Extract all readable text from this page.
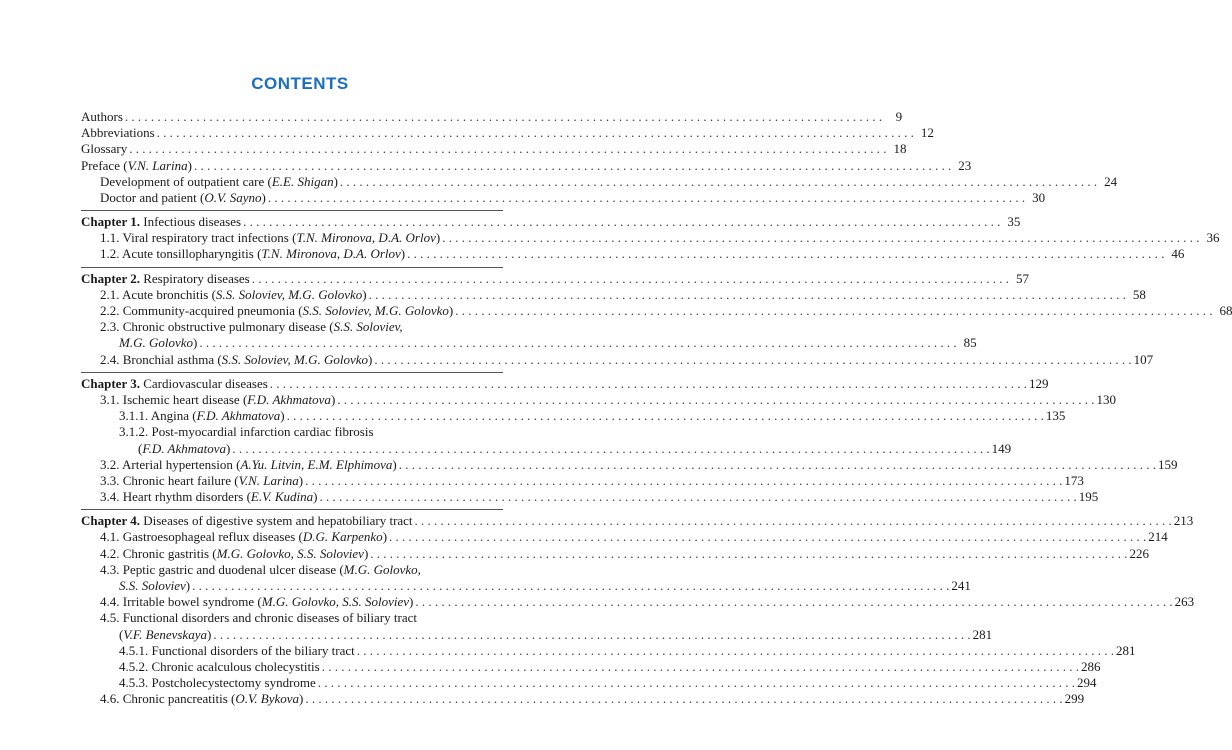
CONTENTS
Authors . . .	9
Abbreviations . . .	12
Glossary . . .	18
Preface (V.N. Larina) . . .	23
Development of outpatient care (E.E. Shigan) . . .	24
Doctor and patient (O.V. Sayno) . . .	30
Chapter 1. Infectious diseases . . .	35
1.1. Viral respiratory tract infections (T.N. Mironova, D.A. Orlov) . . .	36
1.2. Acute tonsillopharyngitis (T.N. Mironova, D.A. Orlov) . . .	46
Chapter 2. Respiratory diseases . . .	57
2.1. Acute bronchitis (S.S. Soloviev, M.G. Golovko) . . .	58
2.2. Community-acquired pneumonia (S.S. Soloviev, M.G. Golovko) . . .	68
2.3. Chronic obstructive pulmonary disease (S.S. Soloviev,
M.G. Golovko) . . .	85
2.4. Bronchial asthma (S.S. Soloviev, M.G. Golovko) . . .	107
Chapter 3. Cardiovascular diseases . . .	129
3.1. Ischemic heart disease (F.D. Akhmatova) . . .	130
3.1.1. Angina (F.D. Akhmatova) . . .	135
3.1.2. Post-myocardial infarction cardiac fibrosis
(F.D. Akhmatova) . . .	149
3.2. Arterial hypertension (A.Yu. Litvin, E.M. Elphimova) . . .	159
3.3. Chronic heart failure (V.N. Larina) . . .	173
3.4. Heart rhythm disorders (E.V. Kudina) . . .	195
Chapter 4. Diseases of digestive system and hepatobiliary tract . . .	213
4.1. Gastroesophageal reflux diseases (D.G. Karpenko) . . .	214
4.2. Chronic gastritis (M.G. Golovko, S.S. Soloviev) . . .	226
4.3. Peptic gastric and duodenal ulcer disease (M.G. Golovko,
S.S. Soloviev) . . .	241
4.4. Irritable bowel syndrome (M.G. Golovko, S.S. Soloviev) . . .	263
4.5. Functional disorders and chronic diseases of biliary tract
(V.F. Benevskaya) . . .	281
4.5.1. Functional disorders of the biliary tract . . .	281
4.5.2. Chronic acalculous cholecystitis . . .	286
4.5.3. Postcholecystectomy syndrome . . .	294
4.6. Chronic pancreatitis (O.V. Bykova) . . .	299
